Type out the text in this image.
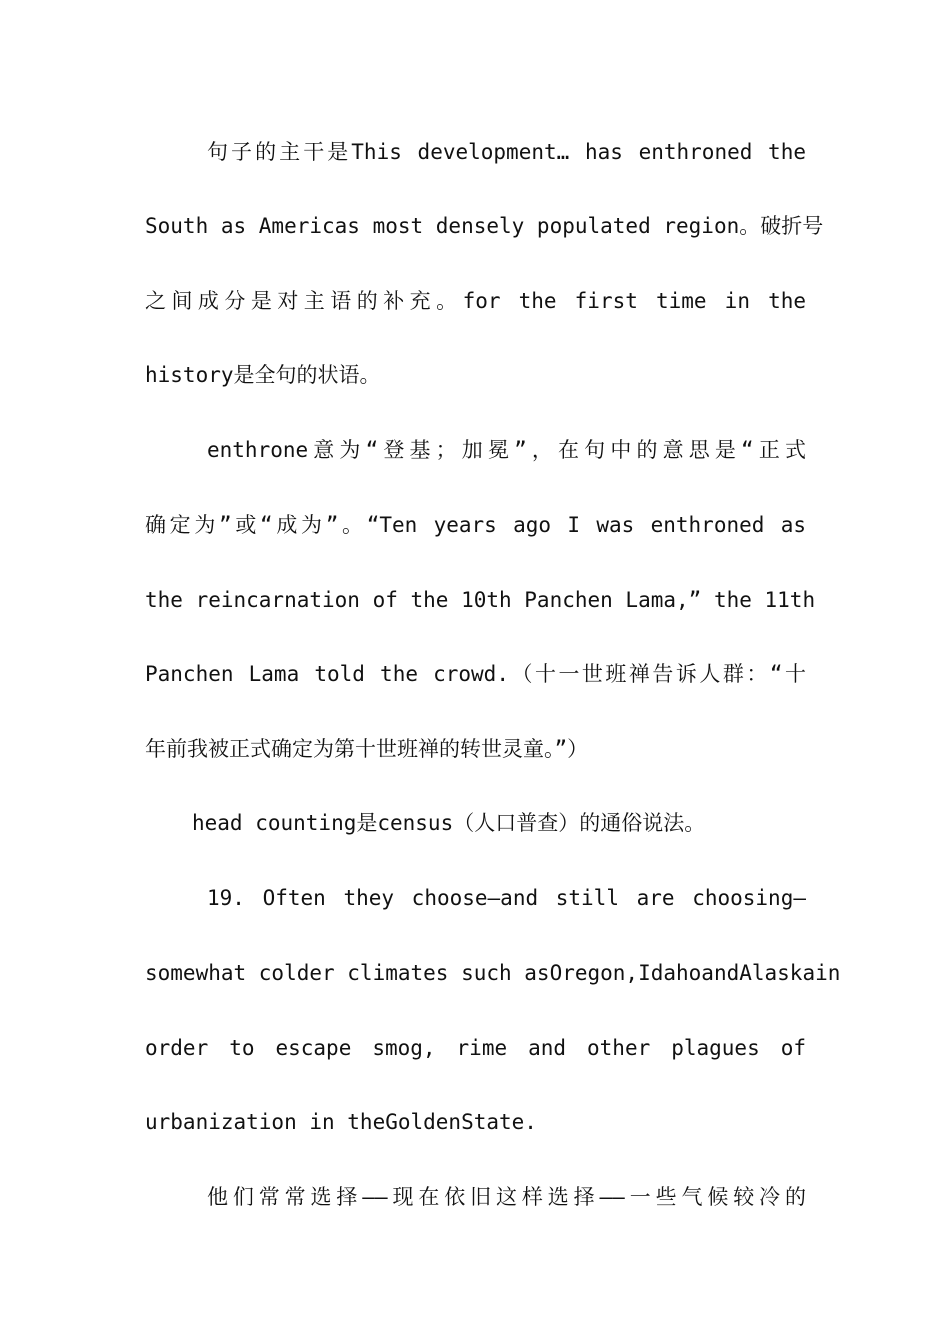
句子的主干是This development… has enthroned the
South as Americas most densely populated region。破折号
之间成分是对主语的补充。for the first time in the
history是全句的状语。
enthrone意为“登基；加冕”，在句中的意思是“正式
确定为”或“成为”。“Ten years ago I was enthroned as
the reincarnation of the 10th Panchen Lama,” the 11th
Panchen Lama told the crowd.（十一世班禅告诉人群：“十
年前我被正式确定为第十世班禅的转世灵童。”）
head counting是census（人口普查）的通俗说法。
19. Often they choose—and still are choosing—
somewhat colder climates such asOregon,IdahoandAlaskain
order to escape smog, rime and other plagues of
urbanization in theGoldenState.
他们常常选择——现在依旧这样选择——一些气候较冷的
